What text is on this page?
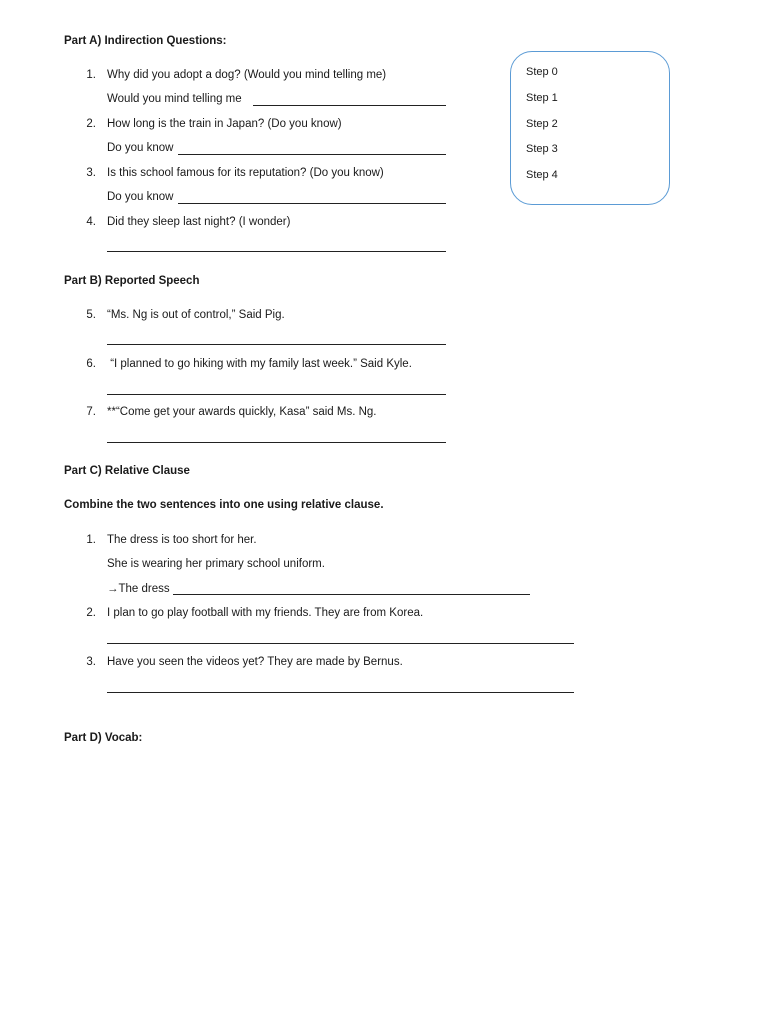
Part A) Indirection Questions:
1. Why did you adopt a dog? (Would you mind telling me)
Would you mind telling me
2. How long is the train in Japan? (Do you know)
Do you know
3. Is this school famous for its reputation? (Do you know)
Do you know
4. Did they sleep last night? (I wonder)
Step 0
Step 1
Step 2
Step 3
Step 4
Part B) Reported Speech
5. “Ms. Ng is out of control,” Said Pig.
6. “I planned to go hiking with my family last week.” Said Kyle.
7. **“Come get your awards quickly, Kasa” said Ms. Ng.
Part C) Relative Clause
Combine the two sentences into one using relative clause.
1. The dress is too short for her.
She is wearing her primary school uniform.
→The dress
2. I plan to go play football with my friends. They are from Korea.
3. Have you seen the videos yet? They are made by Bernus.
Part D) Vocab:
